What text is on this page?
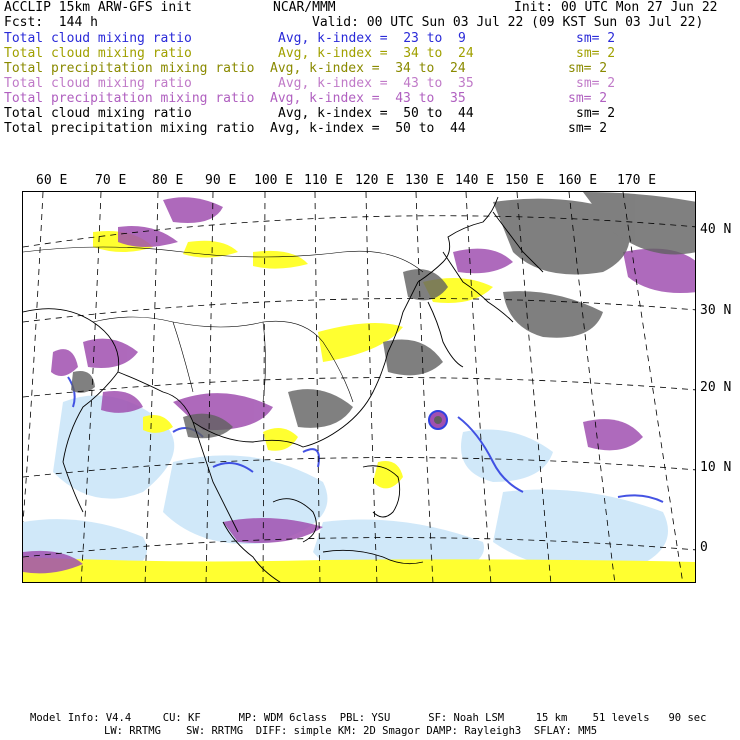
ACCLIP 15km ARW-GFS init	NCAR/MMM	Init: 00 UTC Mon 27 Jun 22
Fcst:  144 h	Valid: 00 UTC Sun 03 Jul 22 (09 KST Sun 03 Jul 22)
Total cloud mixing ratio	Avg, k-index =  23 to  9	sm= 2
Total cloud mixing ratio	Avg, k-index =  34 to  24	sm= 2
Total precipitation mixing ratio Avg, k-index =  34 to  24	sm= 2
Total cloud mixing ratio	Avg, k-index =  43 to  35	sm= 2
Total precipitation mixing ratio Avg, k-index =  43 to  35	sm= 2
Total cloud mixing ratio	Avg, k-index =  50 to  44	sm= 2
Total precipitation mixing ratio Avg, k-index =  50 to  44	sm= 2
60 E 70 E 80 E 90 E 100 E 110 E 120 E 130 E 140 E 150 E 160 E 170 E
40 N
30 N
20 N
10 N
0
Model Info: V4.4     CU: KF      MP: WDM 6class  PBL: YSU      SF: Noah LSM     15 km    51 levels   90 sec
LW: RRTMG    SW: RRTMG  DIFF: simple KM: 2D Smagor DAMP: Rayleigh3  SFLAY: MM5
